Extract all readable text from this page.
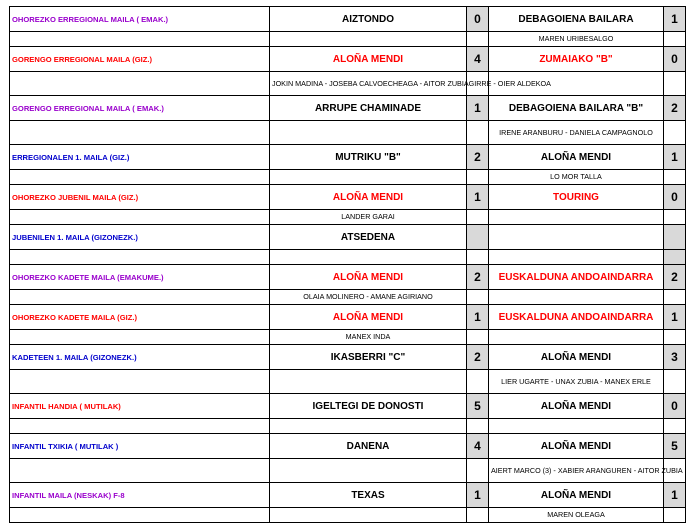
OHOREZKO ERREGIONAL MAILA ( EMAK.)	AIZTONDO	0	DEBAGOIENA BAILARA	1
			MAREN URIBESALGO	
GORENGO ERREGIONAL MAILA (GIZ.)	ALOÑA MENDI	4	ZUMAIAKO "B"	0
	JOKIN MADINA - JOSEBA CALVOECHEAGA - AITOR ZUBIAGIRRE - OIER ALDEKOA			
GORENGO ERREGIONAL MAILA ( EMAK.)	ARRUPE CHAMINADE	1	DEBAGOIENA BAILARA "B"	2
			IRENE ARANBURU - DANIELA CAMPAGNOLO	
ERREGIONALEN 1. MAILA (GIZ.)	MUTRIKU "B"	2	ALOÑA MENDI	1
			LO MOR TALLA	
OHOREZKO JUBENIL MAILA (GIZ.)	ALOÑA MENDI	1	TOURING	0
	LANDER GARAI			
JUBENILEN 1. MAILA (GIZONEZK.)	ATSEDENA			

OHOREZKO KADETE MAILA (EMAKUME.)	ALOÑA MENDI	2	EUSKALDUNA ANDOAINDARRA	2
	OLAIA MOLINERO - AMANE AGIRIANO			
OHOREZKO KADETE MAILA (GIZ.)	ALOÑA MENDI	1	EUSKALDUNA ANDOAINDARRA	1
	MANEX INDA			
KADETEEN 1. MAILA (GIZONEZK.)	IKASBERRI "C"	2	ALOÑA MENDI	3
			LIER UGARTE - UNAX ZUBIA - MANEX ERLE	
INFANTIL HANDIA ( MUTILAK)	IGELTEGI DE DONOSTI	5	ALOÑA MENDI	0

INFANTIL TXIKIA ( MUTILAK )	DANENA	4	ALOÑA MENDI	5
			AIERT MARCO (3) - XABIER ARANGUREN - AITOR ZUBIA	
INFANTIL MAILA (NESKAK) F-8	TEXAS	1	ALOÑA MENDI	1
			MAREN OLEAGA	
